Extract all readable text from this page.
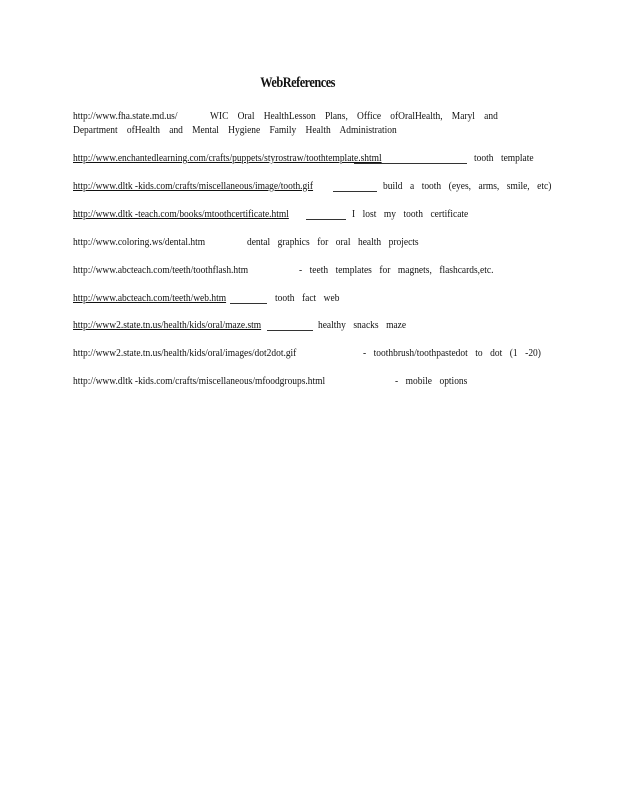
WebReferences
http://www.fha.state.md.us/	WIC Oral HealthLesson Plans, Office ofOralHealth, Maryl and
Department ofHealth and Mental Hygiene Family Health Administration
http://www.enchantedlearning.com/crafts/puppets/styrostraw/toothtemplate.shtml	tooth template
http://www.dltk -kids.com/crafts/miscellaneous/image/tooth.gif	build a tooth (eyes, arms, smile, etc)
http://www.dltk -teach.com/books/mtoothcertificate.html	I lost my tooth certificate
http://www.coloring.ws/dental.htm	dental graphics for oral health projects
http://www.abcteach.com/teeth/toothflash.htm	- teeth templates for magnets, flashcards,etc.
http://www.abcteach.com/teeth/web.htm	tooth fact web
http://www2.state.tn.us/health/kids/oral/maze.stm	healthy snacks maze
http://www2.state.tn.us/health/kids/oral/images/dot2dot.gif	- toothbrush/toothpastedot to dot (1 -20)
http://www.dltk -kids.com/crafts/miscellaneous/mfoodgroups.html	- mobile options
